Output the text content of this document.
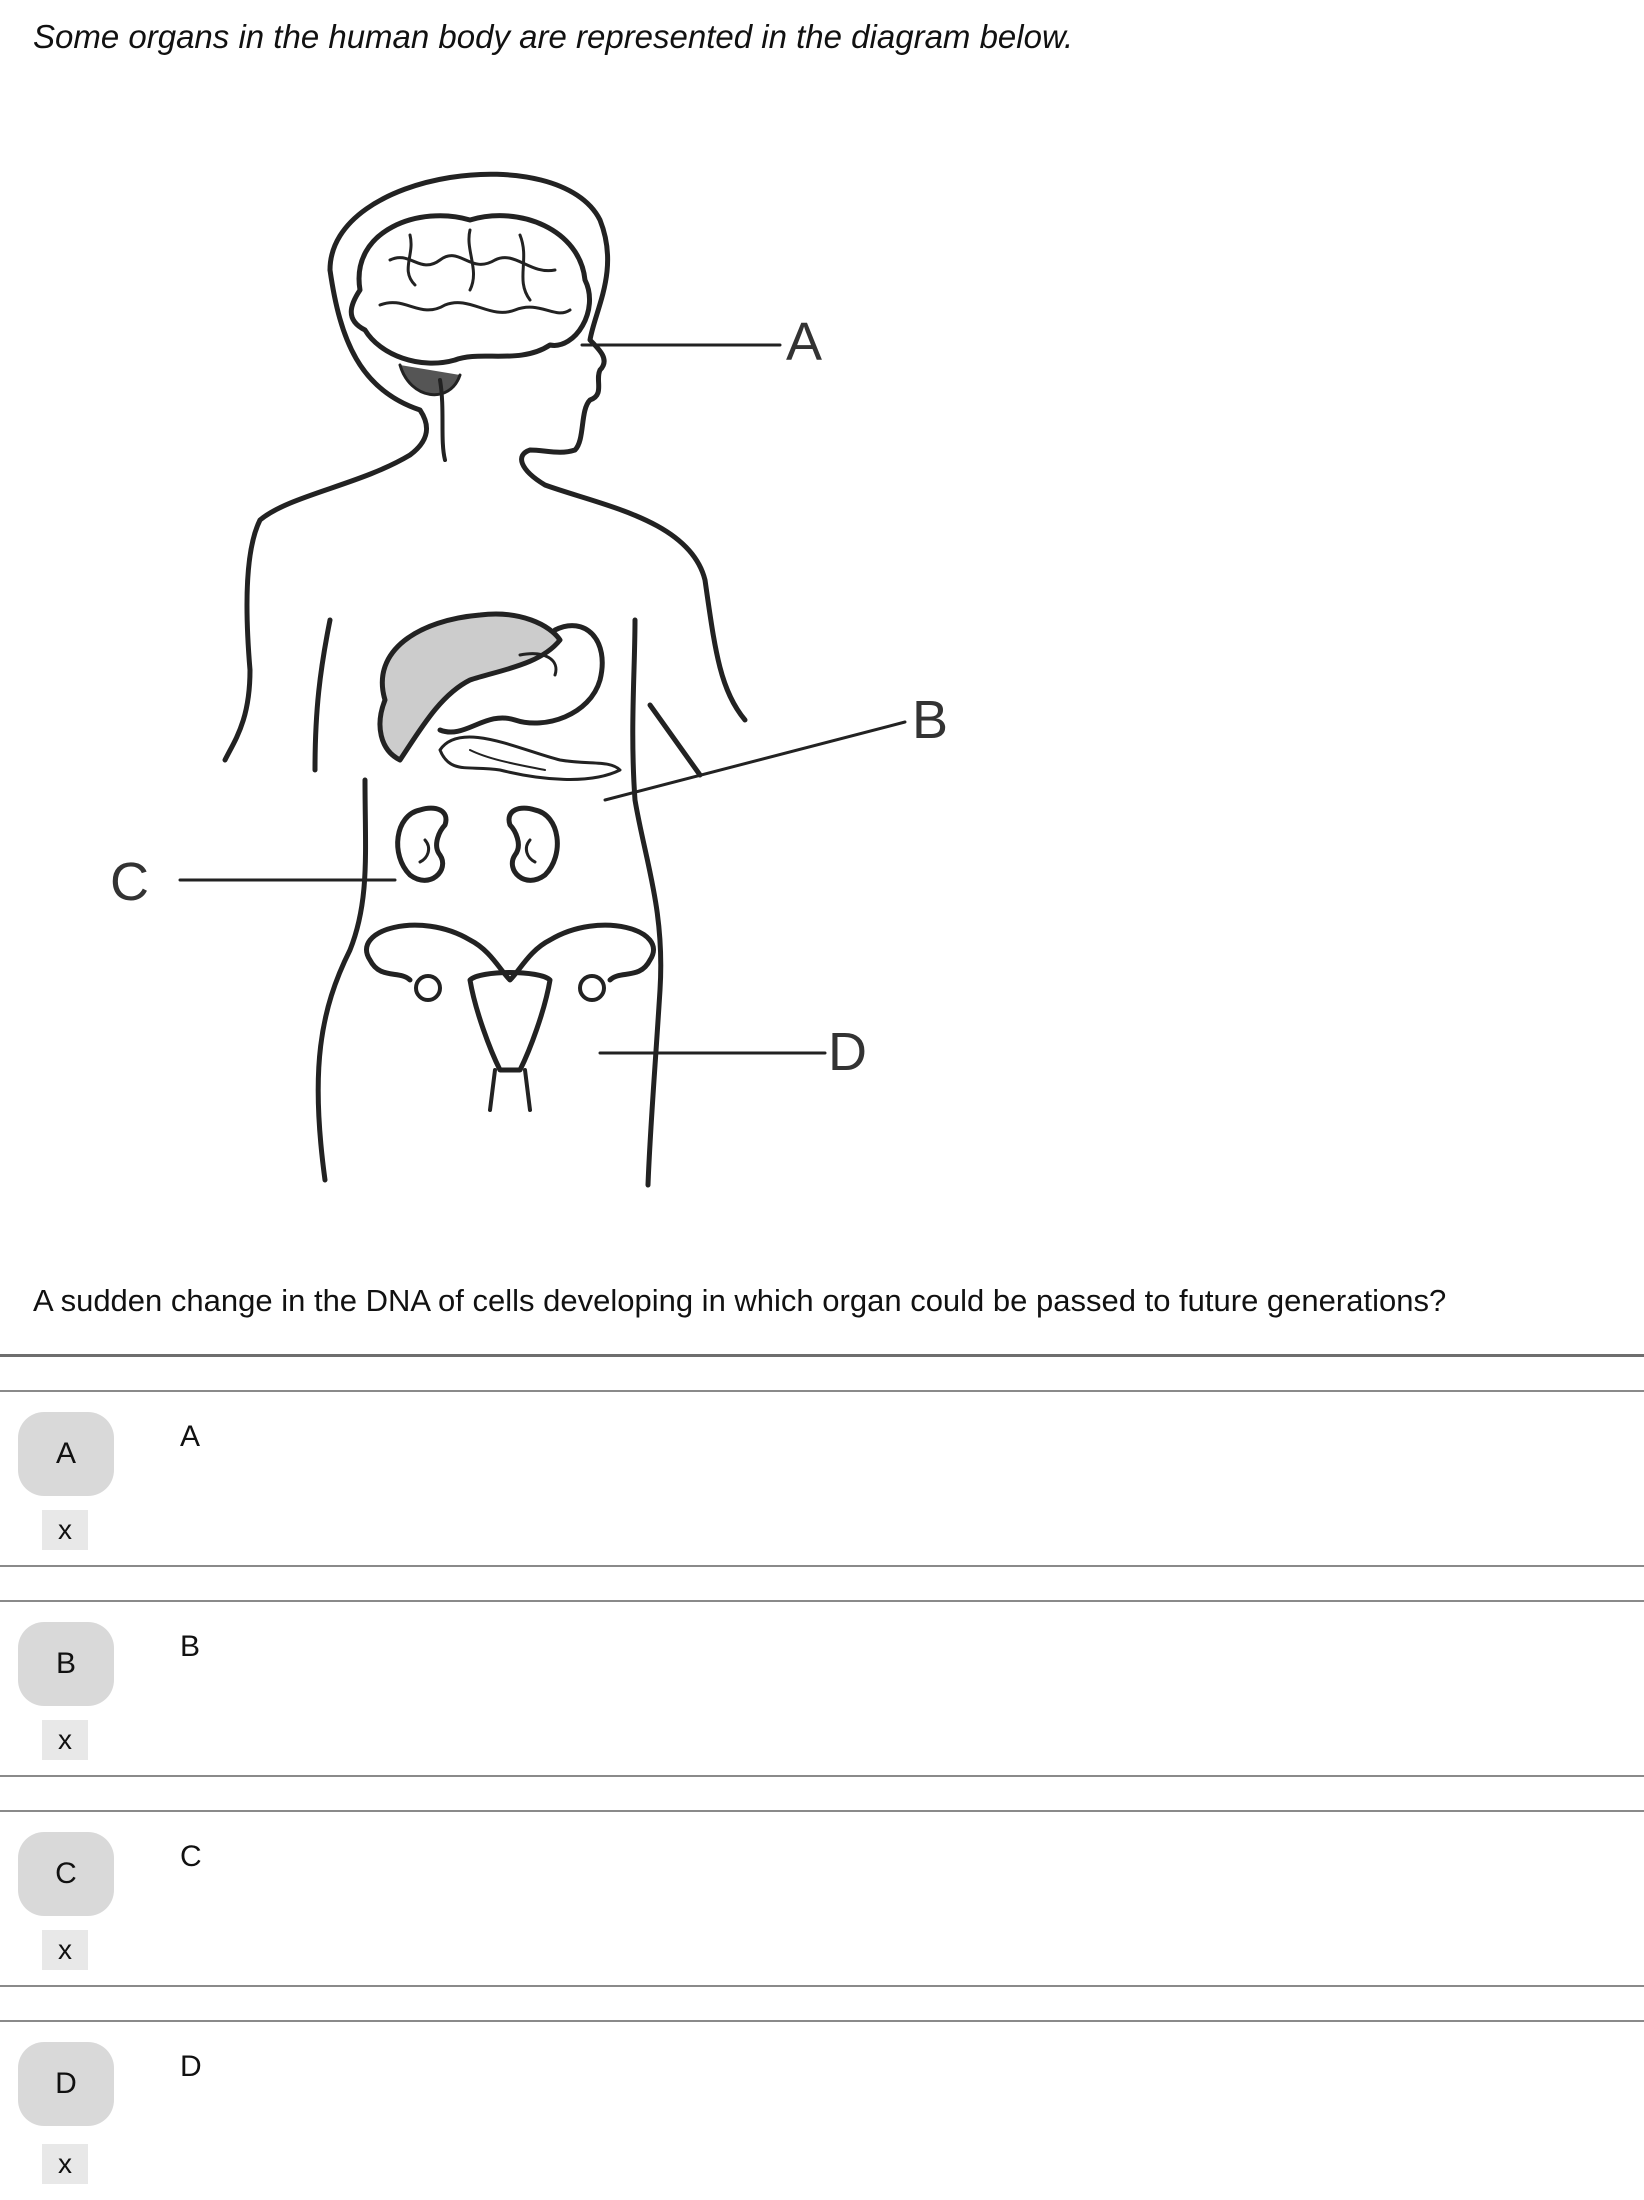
Some organs in the human body are represented in the diagram below.

A
B
C
D

A sudden change in the DNA of cells developing in which organ could be passed to future generations?

A
A
x
B
B
x
C
C
x
D
D
x
